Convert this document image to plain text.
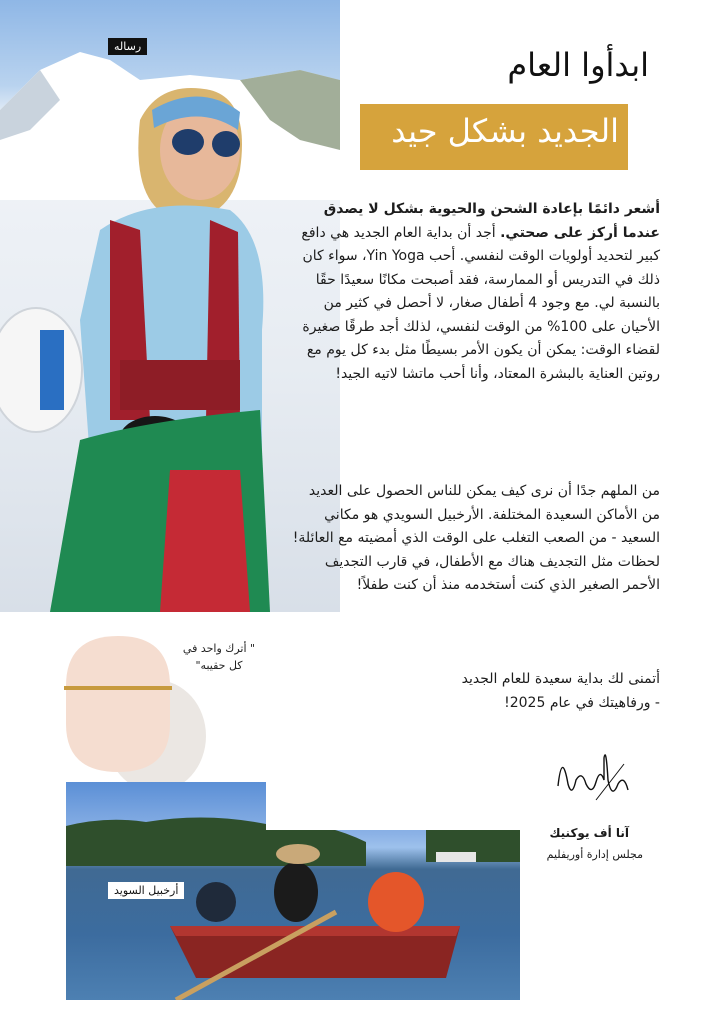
رساله	ابدأوا العام
الجديد بشكل جيد
أشعر دائمًا بإعادة الشحن والحيوية بشكل لا يصدق عندما أركز على صحتي. أجد أن بداية العام الجديد هي دافع كبير لتحديد أولويات الوقت لنفسي. أحب Yin Yoga، سواء كان ذلك في التدريس أو الممارسة، فقد أصبحت مكانًا سعيدًا حقًا بالنسبة لي. مع وجود 4 أطفال صغار، لا أحصل في كثير من الأحيان على 100% من الوقت لنفسي، لذلك أجد طرقًا صغيرة لقضاء الوقت: يمكن أن يكون الأمر بسيطًا مثل بدء كل يوم مع روتين العناية بالبشرة المعتاد، وأنا أحب ماتشا لاتيه الجيد!
من الملهم جدًا أن نرى كيف يمكن للناس الحصول على العديد من الأماكن السعيدة المختلفة. الأرخبيل السويدي هو مكاني السعيد - من الصعب التغلب على الوقت الذي أمضيته مع العائلة! لحظات مثل التجديف هناك مع الأطفال، في قارب التجديف الأحمر الصغير الذي كنت أستخدمه منذ أن كنت طفلاً!
أتمنى لك بداية سعيدة للعام الجديد
- ورفاهيتك في عام 2025!
" أترك واحد في كل حقيبه"
آنا أف يوكنيك
مجلس إدارة أوريفليم
أرخبيل السويد
